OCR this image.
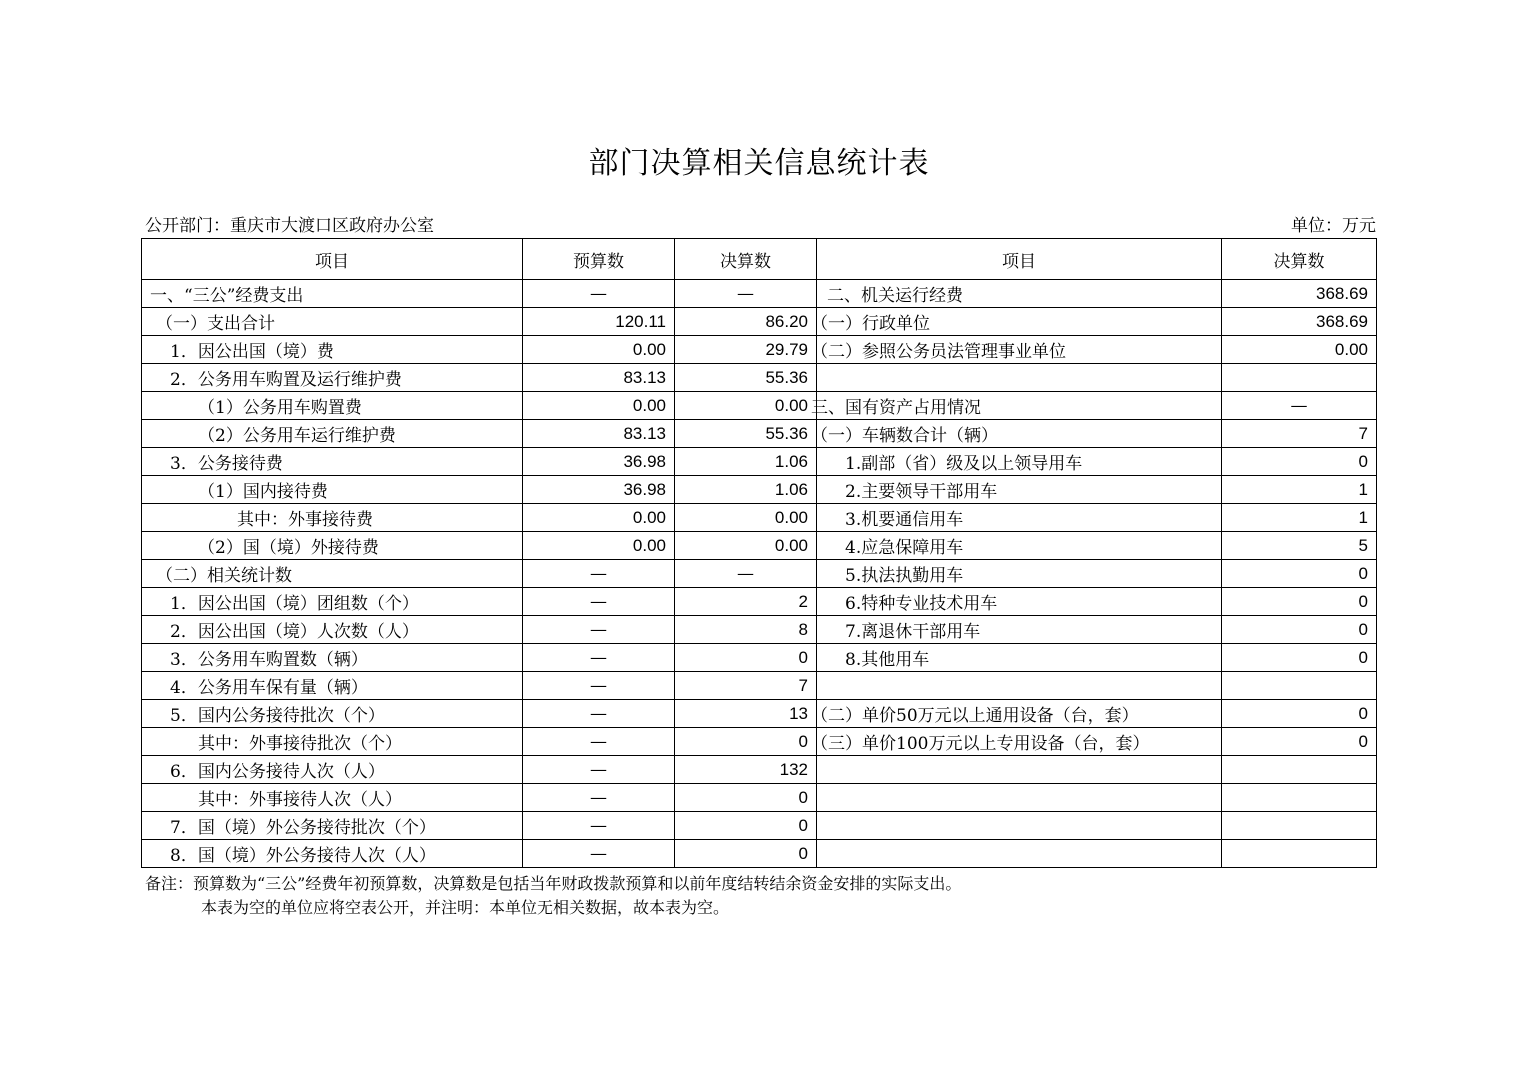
部门决算相关信息统计表
公开部门：重庆市大渡口区政府办公室	单位：万元
项目	预算数	决算数	项目	决算数
一、“三公”经费支出	—	—	二、机关运行经费	368.69
（一）支出合计	120.11	86.20	（一）行政单位	368.69
1．因公出国（境）费	0.00	29.79	（二）参照公务员法管理事业单位	0.00
2．公务用车购置及运行维护费	83.13	55.36		
（1）公务用车购置费	0.00	0.00	三、国有资产占用情况	—
（2）公务用车运行维护费	83.13	55.36	（一）车辆数合计（辆）	7
3．公务接待费	36.98	1.06	1.副部（省）级及以上领导用车	0
（1）国内接待费	36.98	1.06	2.主要领导干部用车	1
其中：外事接待费	0.00	0.00	3.机要通信用车	1
（2）国（境）外接待费	0.00	0.00	4.应急保障用车	5
（二）相关统计数	—	—	5.执法执勤用车	0
1．因公出国（境）团组数（个）	—	2	6.特种专业技术用车	0
2．因公出国（境）人次数（人）	—	8	7.离退休干部用车	0
3．公务用车购置数（辆）	—	0	8.其他用车	0
4．公务用车保有量（辆）	—	7		
5．国内公务接待批次（个）	—	13	（二）单价50万元以上通用设备（台，套）	0
其中：外事接待批次（个）	—	0	（三）单价100万元以上专用设备（台，套）	0
6．国内公务接待人次（人）	—	132		
其中：外事接待人次（人）	—	0		
7．国（境）外公务接待批次（个）	—	0		
8．国（境）外公务接待人次（人）	—	0		
备注：预算数为“三公”经费年初预算数，决算数是包括当年财政拨款预算和以前年度结转结余资金安排的实际支出。
本表为空的单位应将空表公开，并注明：本单位无相关数据，故本表为空。
